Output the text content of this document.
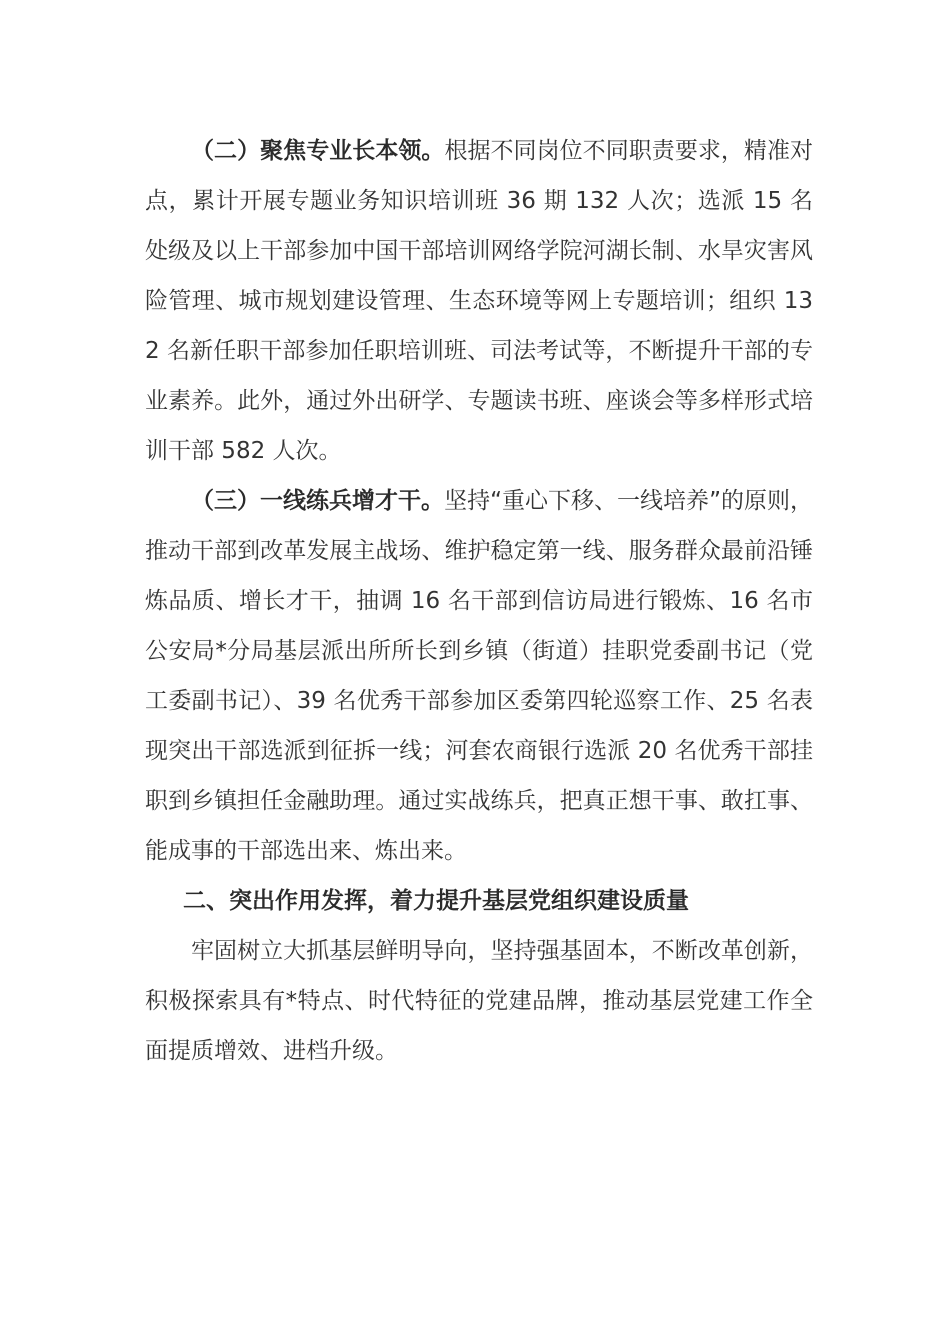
（二）聚焦专业长本领。根据不同岗位不同职责要求，精准对点，累计开展专题业务知识培训班 36 期 132 人次；选派 15 名处级及以上干部参加中国干部培训网络学院河湖长制、水旱灾害风险管理、城市规划建设管理、生态环境等网上专题培训；组织 132 名新任职干部参加任职培训班、司法考试等，不断提升干部的专业素养。此外，通过外出研学、专题读书班、座谈会等多样形式培训干部 582 人次。

（三）一线练兵增才干。坚持“重心下移、一线培养”的原则，推动干部到改革发展主战场、维护稳定第一线、服务群众最前沿锤炼品质、增长才干，抽调 16 名干部到信访局进行锻炼、16 名市公安局*分局基层派出所所长到乡镇（街道）挂职党委副书记（党工委副书记）、39 名优秀干部参加区委第四轮巡察工作、25 名表现突出干部选派到征拆一线；河套农商银行选派 20 名优秀干部挂职到乡镇担任金融助理。通过实战练兵，把真正想干事、敢扛事、能成事的干部选出来、炼出来。

二、突出作用发挥，着力提升基层党组织建设质量

牢固树立大抓基层鲜明导向，坚持强基固本，不断改革创新，积极探索具有*特点、时代特征的党建品牌，推动基层党建工作全面提质增效、进档升级。
